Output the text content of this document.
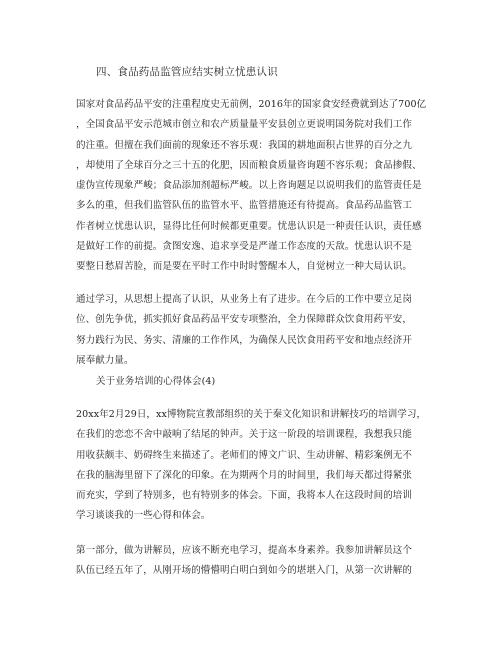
四、食品药品监管应结实树立忧患认识
国家对食品药品平安的注重程度史无前例，2016年的国家食安经费就到达了700亿
，全国食品平安示范城市创立和农产质量量平安县创立更说明国务院对我们工作
的注重。但擅在我们面前的现象还不容乐观：我国的耕地面积占世界的百分之九
，却使用了全球百分之三十五的化肥，因而粮食质量咨询题不容乐观；食品掺假、
虚伪宣传现象严峻；食品添加剂超标严峻。以上咨询题足以说明我们的监管责任是
多么的重，但我们监管队伍的监管水平、监管措施还有待提高。食品药品监管工
作者树立忧患认识，显得比任何时候都更重要。忧患认识是一种责任认识，责任感
是做好工作的前提。贪图安逸、追求享受是严谨工作态度的天敌。忧患认识不是
要整日愁眉苦脸，而是要在平时工作中时时警醒本人，自觉树立一种大局认识。
通过学习，从思想上提高了认识，从业务上有了进步。在今后的工作中要立足岗
位、创先争优，抓实抓好食品药品平安专项整治，全力保障群众饮食用药平安，
努力践行为民、务实、清廉的工作作风，为确保人民饮食用药平安和地点经济开
展奉献力量。
关于业务培训的心得体会(4)
20xx年2月29日，xx博物院宣教部组织的关于秦文化知识和讲解技巧的培训学习，
在我们的恋恋不舍中敲响了结尾的钟声。关于这一阶段的培训课程，我想我只能
用收获颇丰、奶碍终生来描述了。老师们的博文广识、生动讲解、精彩案例无不
在我的脑海里留下了深化的印象。在为期两个月的时间里，我们每天都过得紧张
而充实，学到了特别多，也有特别多的体会。下面，我将本人在这段时间的培训
学习谈谈我的一些心得和体会。
第一部分，做为讲解员，应该不断充电学习，提高本身素养。我参加讲解员这个
队伍已经五年了，从刚开场的懵懵明白明白到如今的堪堪入门，从第一次讲解的
